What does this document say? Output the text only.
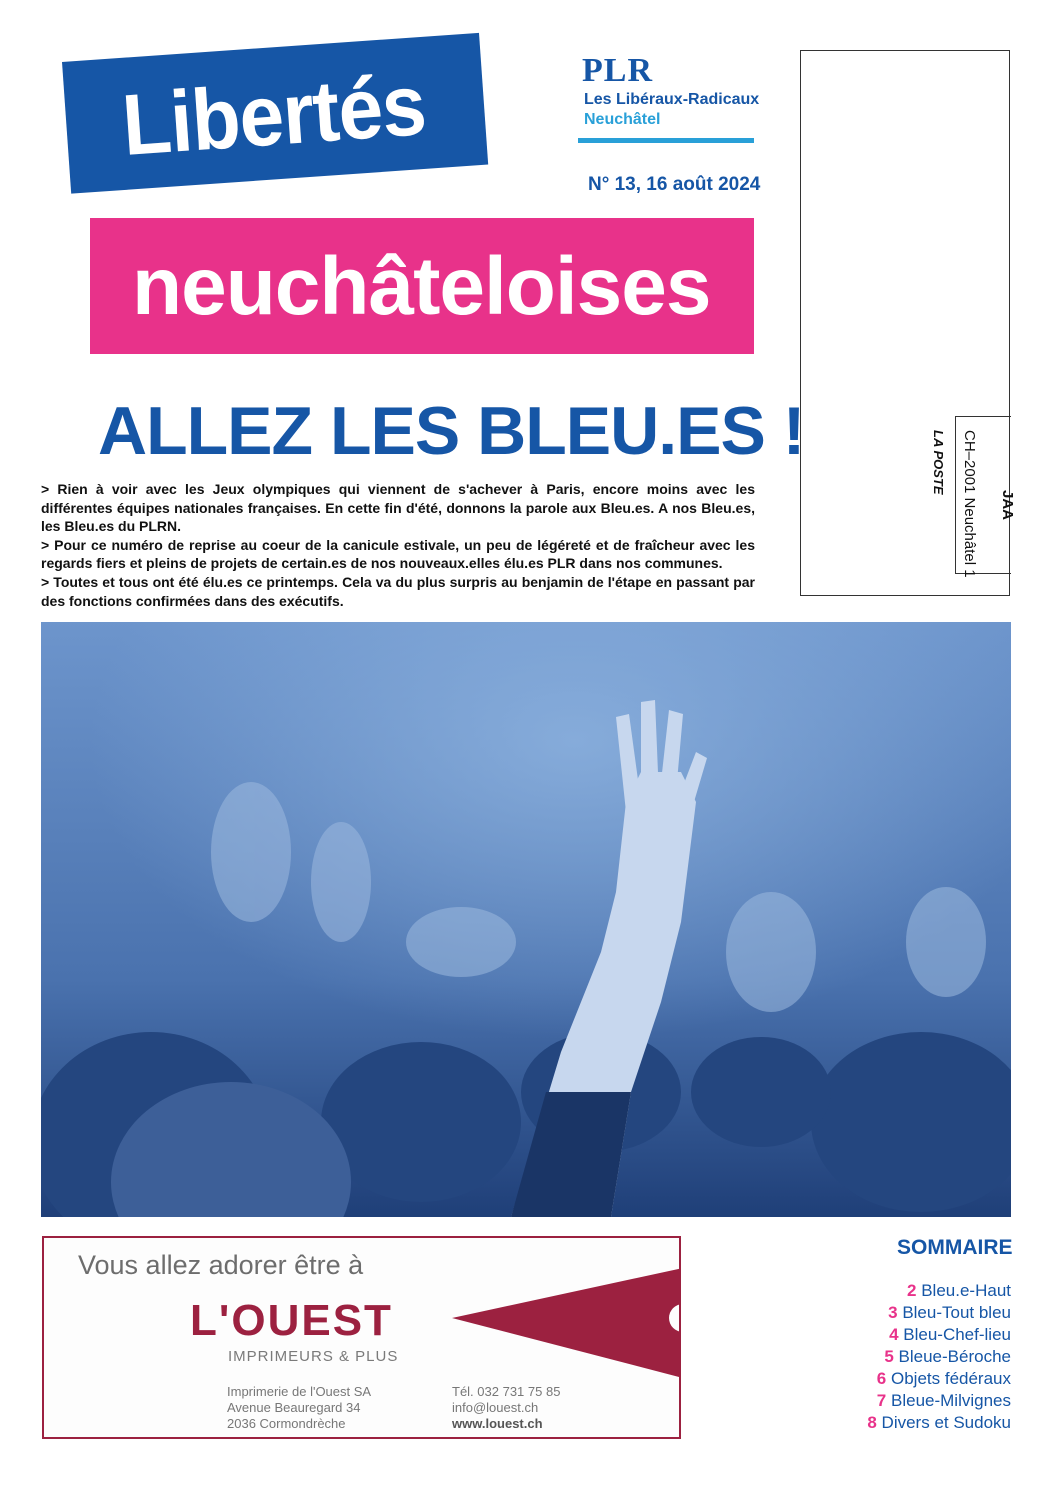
Libertés
neuchâteloises
PLR
Les Libéraux-Radicaux
Neuchâtel
N° 13, 16 août 2024
JAA
CH–2001 Neuchâtel 1
LA POSTE
ALLEZ LES BLEU.ES !

> Rien à voir avec les Jeux olympiques qui viennent de s'achever à Paris, encore moins avec les différentes équipes nationales françaises. En cette fin d'été, donnons la parole aux Bleu.es. A nos Bleu.es, les Bleu.es du PLRN.

> Pour ce numéro de reprise au coeur de la canicule estivale, un peu de légéreté et de fraîcheur avec les regards fiers et pleins de projets de certain.es de nos nouveaux.elles élu.es PLR dans nos communes.

> Toutes et tous ont été élu.es ce printemps. Cela va du plus surpris au benjamin de l'étape en passant par des fonctions confirmées dans des exécutifs.

Vous allez adorer être à
L'OUEST
IMPRIMEURS & PLUS
Imprimerie de l'Ouest SA
Avenue Beauregard 34
2036 Cormondrèche
Tél. 032 731 75 85
info@louest.ch
www.louest.ch
SOMMAIRE
2 Bleu.e-Haut
3 Bleu-Tout bleu
4 Bleu-Chef-lieu
5 Bleue-Béroche
6 Objets fédéraux
7 Bleue-Milvignes
8 Divers et Sudoku
